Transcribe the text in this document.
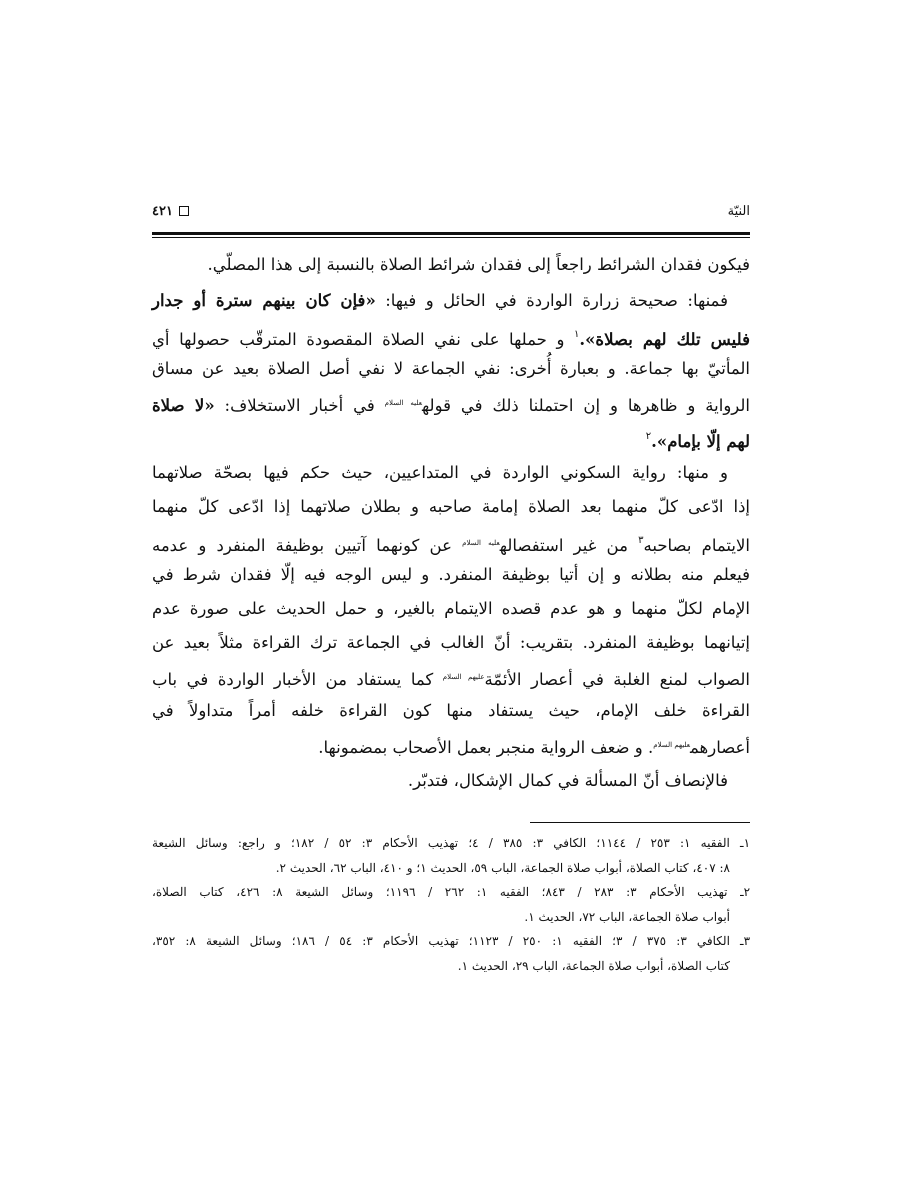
النيّة
٤٢١
فيكون فقدان الشرائط راجعاً إلى فقدان شرائط الصلاة بالنسبة إلى هذا المصلّي.
فمنها: صحيحة زرارة الواردة في الحائل و فيها: «فإن كان بينهم سترة أو جدار
فليس تلك لهم بصلاة».$^١$ و حملها على نفي الصلاة المقصودة المترقّب حصولها أي
المأتيّ بها جماعة. و بعبارة أُخرى: نفي الجماعة لا نفي أصل الصلاة بعيد عن مساق
الرواية و ظاهرها و إن احتملنا ذلك في قوله$^{عليه السلام}$ في أخبار الاستخلاف: «لا صلاة
لهم إلّا بإمام».$^٢$
و منها: رواية السكوني الواردة في المتداعيين، حيث حكم فيها بصحّة صلاتهما
إذا ادّعى كلّ منهما بعد الصلاة إمامة صاحبه و بطلان صلاتهما إذا ادّعى كلّ منهما
الايتمام بصاحبه$^٣$ من غير استفصاله$^{عليه السلام}$ عن كونهما آتيين بوظيفة المنفرد و عدمه
فيعلم منه بطلانه و إن أتيا بوظيفة المنفرد. و ليس الوجه فيه إلّا فقدان شرط في
الإمام لكلّ منهما و هو عدم قصده الايتمام بالغير، و حمل الحديث على صورة عدم
إتيانهما بوظيفة المنفرد. بتقريب: أنّ الغالب في الجماعة ترك القراءة مثلاً بعيد عن
الصواب لمنع الغلبة في أعصار الأئمّة$^{عليهم السلام}$ كما يستفاد من الأخبار الواردة في باب
القراءة خلف الإمام، حيث يستفاد منها كون القراءة خلفه أمراً متداولاً في
أعصارهم$^{عليهم السلام}$. و ضعف الرواية منجبر بعمل الأصحاب بمضمونها.
فالإنصاف أنّ المسألة في كمال الإشكال، فتدبّر.
١ـ الفقيه ١: ٢٥٣ / ١١٤٤؛ الكافي ٣: ٣٨٥ / ٤؛ تهذيب الأحكام ٣: ٥٢ / ١٨٢؛ و راجع: وسائل الشيعة
٨: ٤٠٧، كتاب الصلاة، أبواب صلاة الجماعة، الباب ٥٩، الحديث ١؛ و ٤١٠، الباب ٦٢، الحديث ٢.
٢ـ تهذيب الأحكام ٣: ٢٨٣ / ٨٤٣؛ الفقيه ١: ٢٦٢ / ١١٩٦؛ وسائل الشيعة ٨: ٤٢٦، كتاب الصلاة،
أبواب صلاة الجماعة، الباب ٧٢، الحديث ١.
٣ـ الكافي ٣: ٣٧٥ / ٣؛ الفقيه ١: ٢٥٠ / ١١٢٣؛ تهذيب الأحكام ٣: ٥٤ / ١٨٦؛ وسائل الشيعة ٨: ٣٥٢،
كتاب الصلاة، أبواب صلاة الجماعة، الباب ٢٩، الحديث ١.
